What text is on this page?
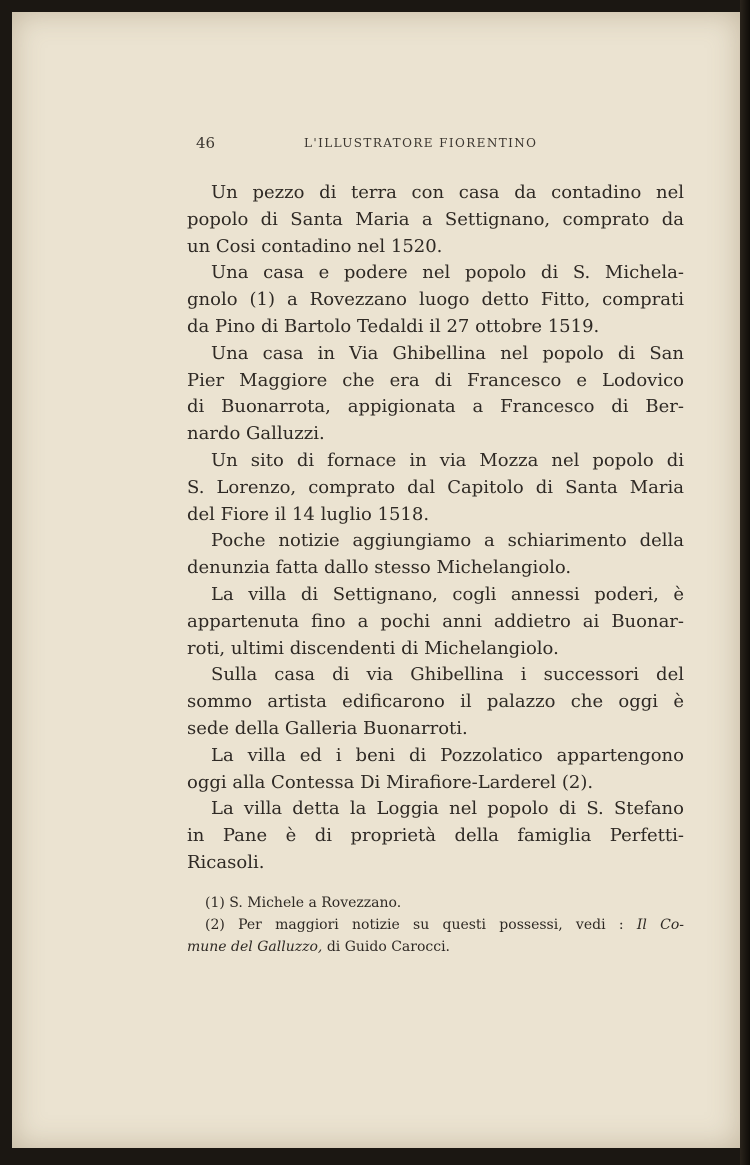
46	L'ILLUSTRATORE FIORENTINO

Un pezzo di terra con casa da contadino nel
popolo di Santa Maria a Settignano, comprato da
un Cosi contadino nel 1520.

Una casa e podere nel popolo di S. Michela-
gnolo (1) a Rovezzano luogo detto Fitto, comprati
da Pino di Bartolo Tedaldi il 27 ottobre 1519.

Una casa in Via Ghibellina nel popolo di San
Pier Maggiore che era di Francesco e Lodovico
di Buonarrota, appigionata a Francesco di Ber-
nardo Galluzzi.

Un sito di fornace in via Mozza nel popolo di
S. Lorenzo, comprato dal Capitolo di Santa Maria
del Fiore il 14 luglio 1518.

Poche notizie aggiungiamo a schiarimento della
denunzia fatta dallo stesso Michelangiolo.

La villa di Settignano, cogli annessi poderi, è
appartenuta fino a pochi anni addietro ai Buonar-
roti, ultimi discendenti di Michelangiolo.

Sulla casa di via Ghibellina i successori del
sommo artista edificarono il palazzo che oggi è
sede della Galleria Buonarroti.

La villa ed i beni di Pozzolatico appartengono
oggi alla Contessa Di Mirafiore-Larderel (2).

La villa detta la Loggia nel popolo di S. Stefano
in Pane è di proprietà della famiglia Perfetti-
Ricasoli.

(1) S. Michele a Rovezzano.
(2) Per maggiori notizie su questi possessi, vedi : Il Co-
mune del Galluzzo, di Guido Carocci.
